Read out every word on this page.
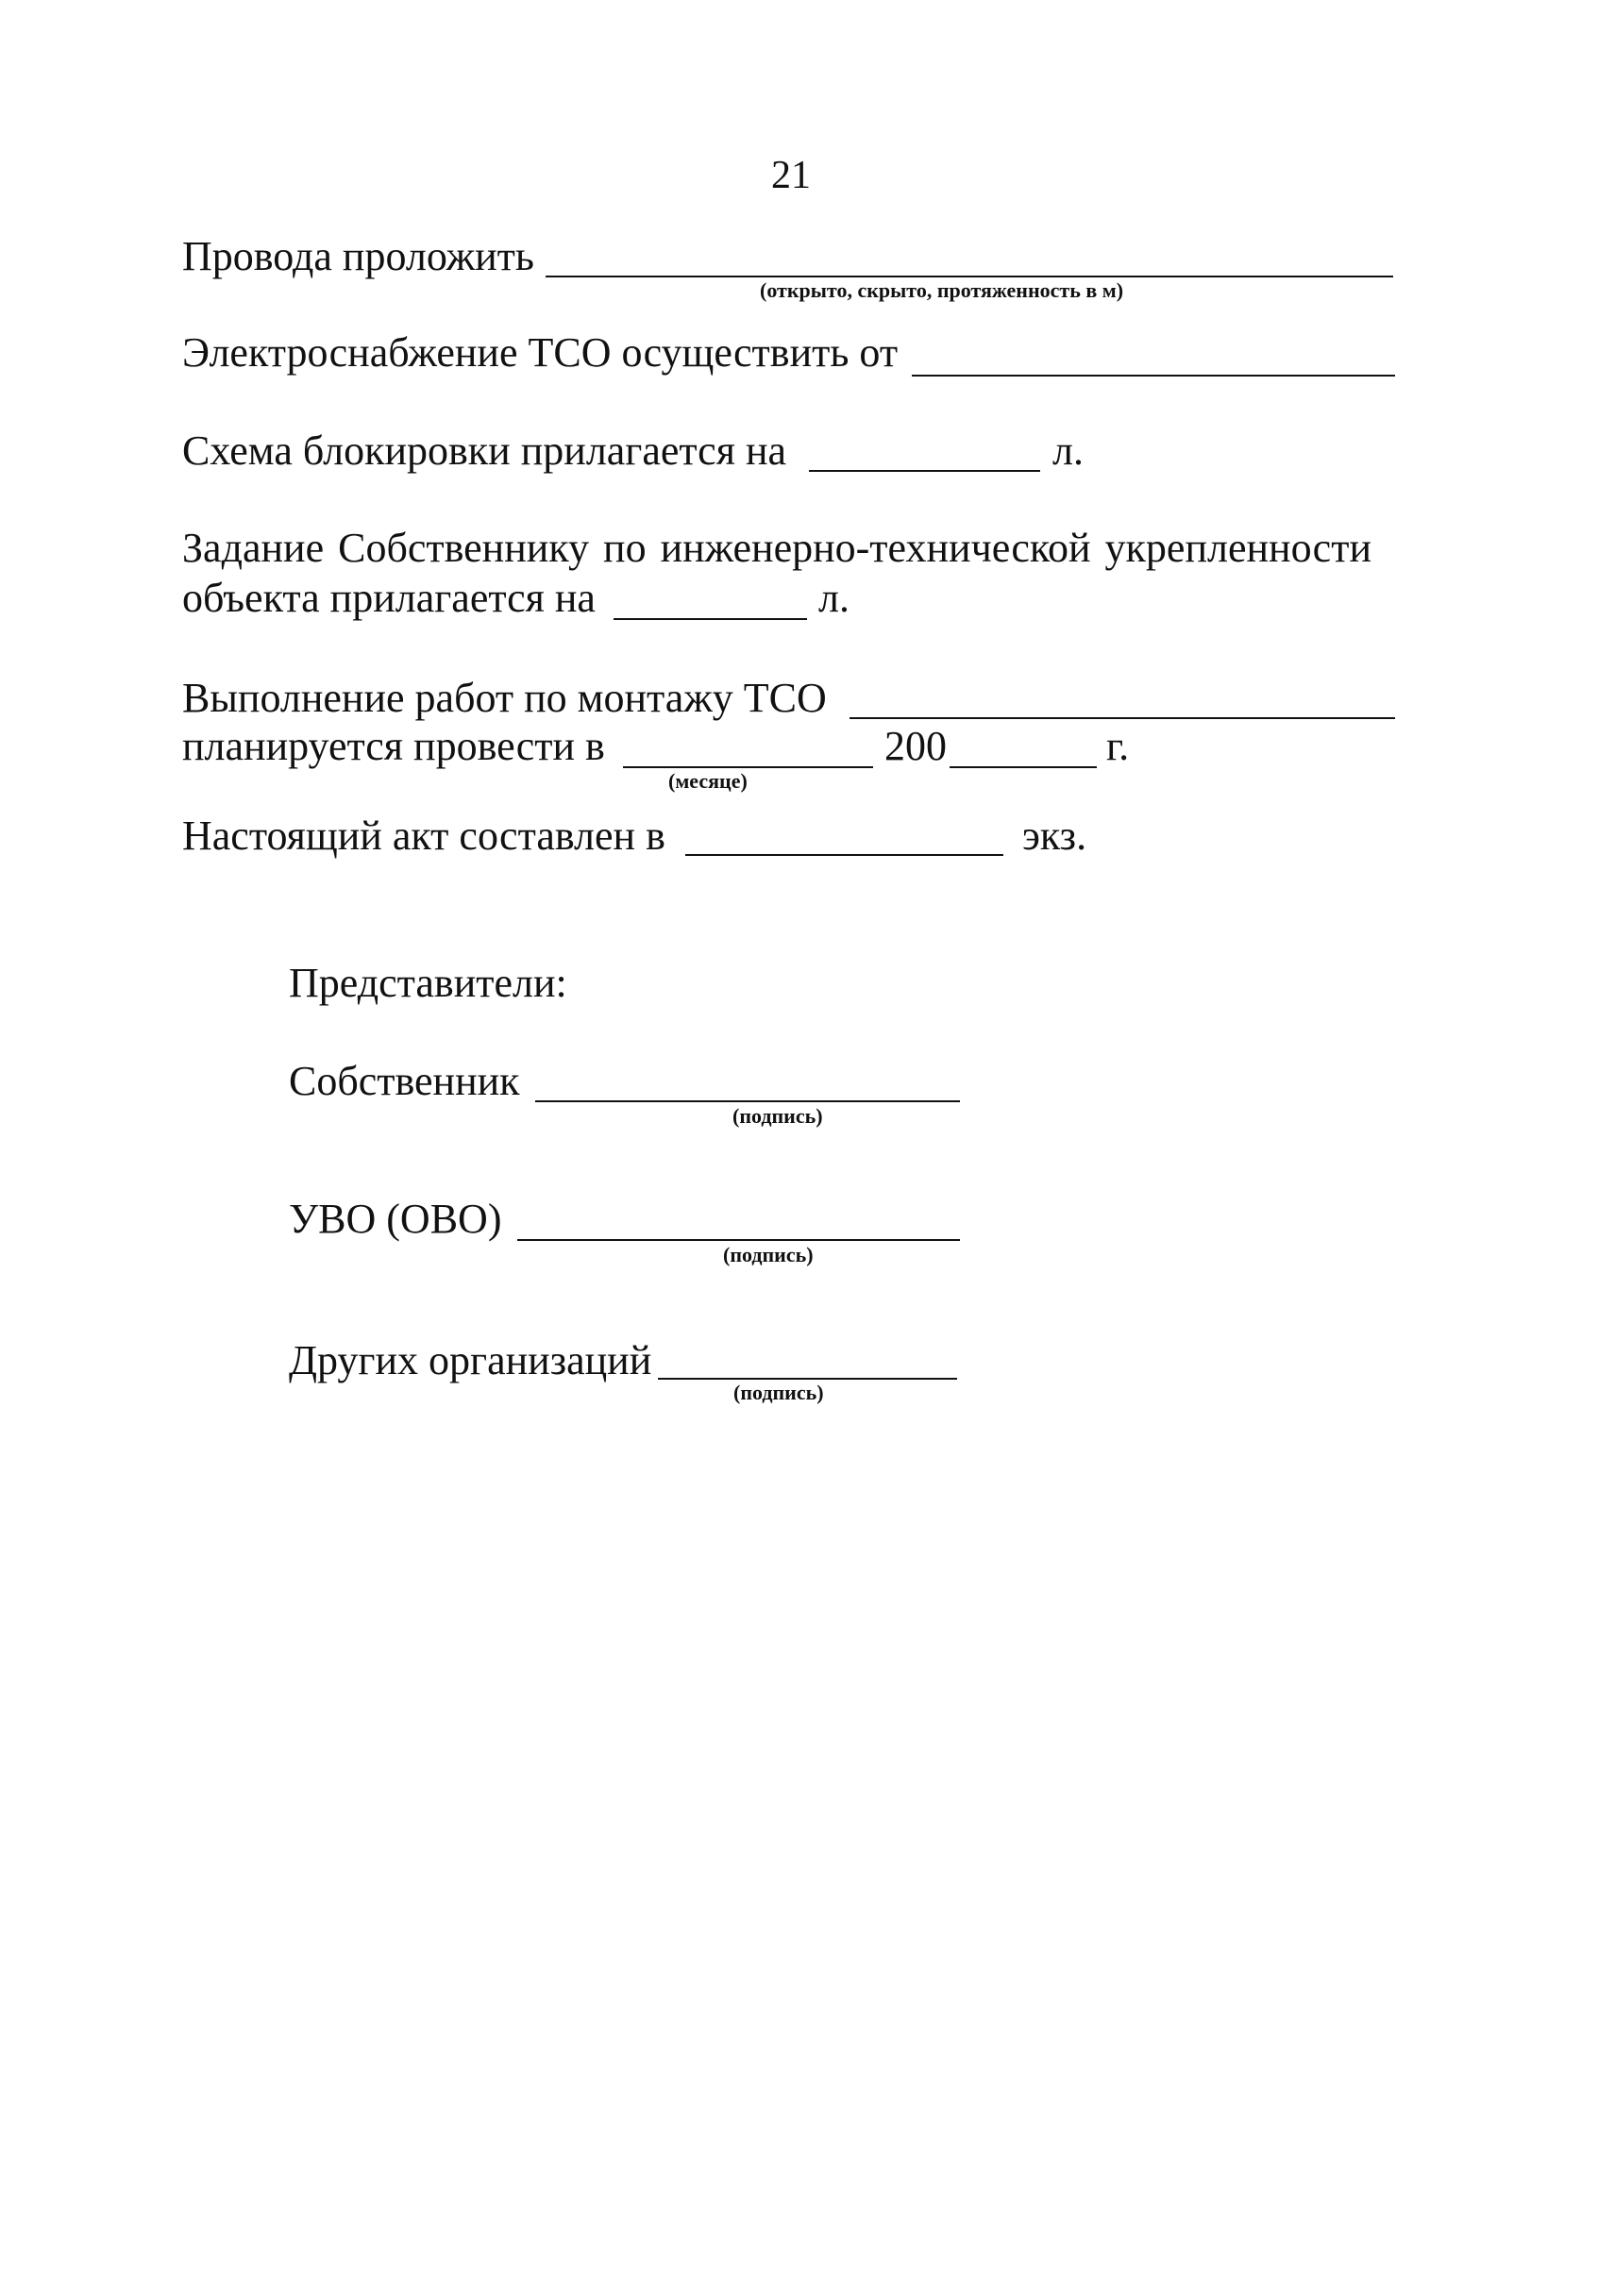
21
Провода проложить
(открыто, скрыто, протяженность в м)
Электроснабжение ТСО осуществить от
Схема блокировки прилагается на	л.
Задание Собственнику по инженерно-технической укрепленности
объекта прилагается на	л.
Выполнение работ по монтажу ТСО
планируется провести в
(месяце)
200	г.
Настоящий акт составлен в	экз.
Представители:
Собственник
(подпись)
УВО (ОВО)
(подпись)
Других организаций
(подпись)
